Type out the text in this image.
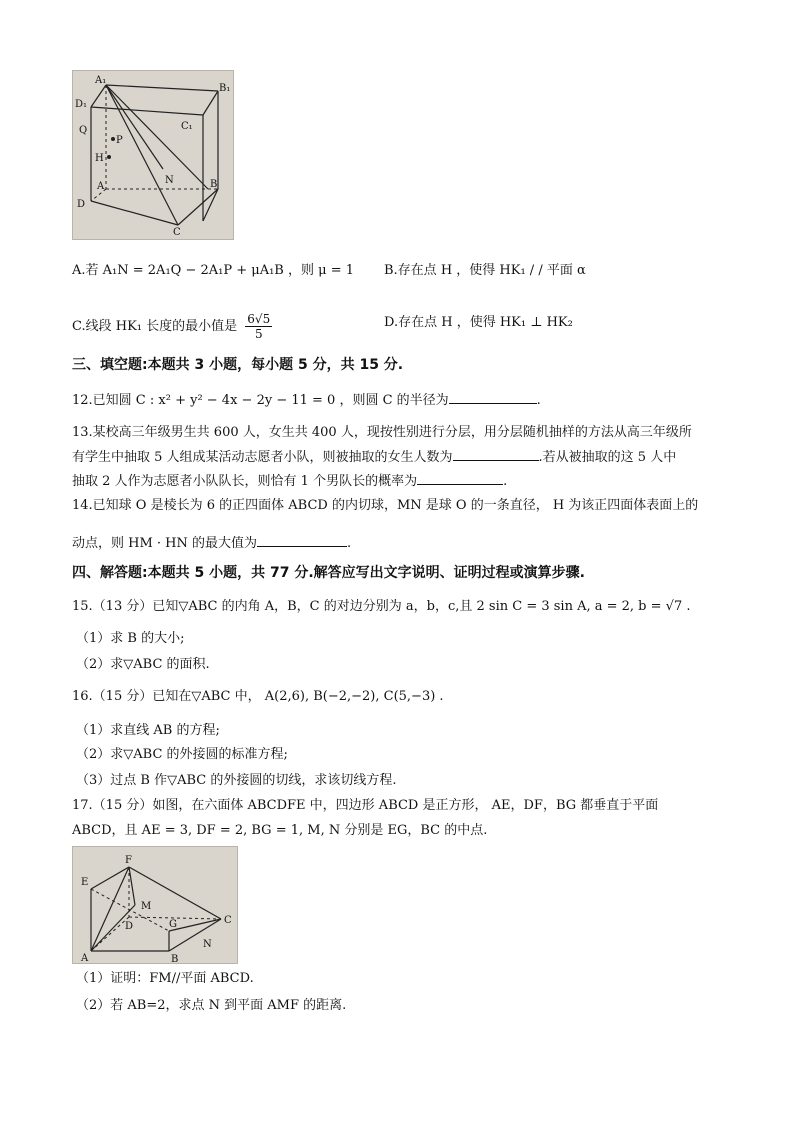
A₁
B₁
C₁
D₁
Q
P
H
A
N	B
D
C
A.若 A₁N = 2A₁Q − 2A₁P + μA₁B ，则 μ = 1 B.存在点 H ，使得 HK₁ / / 平面 α
C.线段 HK₁ 长度的最小值是 $\frac{6√5}{5}$	D.存在点 H ，使得 HK₁ ⊥ HK₂
三、填空题:本题共 3 小题，每小题 5 分，共 15 分.
12.已知圆 C : x² + y² − 4x − 2y − 11 = 0 ，则圆 C 的半径为	.
13.某校高三年级男生共 600 人，女生共 400 人，现按性别进行分层，用分层随机抽样的方法从高三年级所
有学生中抽取 5 人组成某活动志愿者小队，则被抽取的女生人数为	.若从被抽取的这 5 人中
抽取 2 人作为志愿者小队队长，则恰有 1 个男队长的概率为	.
14.已知球 O 是棱长为 6 的正四面体 ABCD 的内切球，MN 是球 O 的一条直径， H 为该正四面体表面上的
动点，则 HM · HN 的最大值为	.
四、解答题:本题共 5 小题，共 77 分.解答应写出文字说明、证明过程或演算步骤.
15.（13 分）已知▽ABC 的内角 A，B，C 的对边分别为 a，b，c,且 2 sin C = 3 sin A, a = 2, b = √7 .
（1）求 B 的大小;
（2）求▽ABC 的面积.
16.（15 分）已知在▽ABC 中， A(2,6), B(−2,−2), C(5,−3) .
（1）求直线 AB 的方程;
（2）求▽ABC 的外接圆的标准方程;
（3）过点 B 作▽ABC 的外接圆的切线，求该切线方程.
17.（15 分）如图，在六面体 ABCDFE 中，四边形 ABCD 是正方形， AE，DF，BG 都垂直于平面
ABCD，且 AE = 3, DF = 2, BG = 1, M, N 分别是 EG，BC 的中点.
F
E
M
D	G	C
N
A	B
（1）证明：FM//平面 ABCD.
（2）若 AB=2，求点 N 到平面 AMF 的距离.
